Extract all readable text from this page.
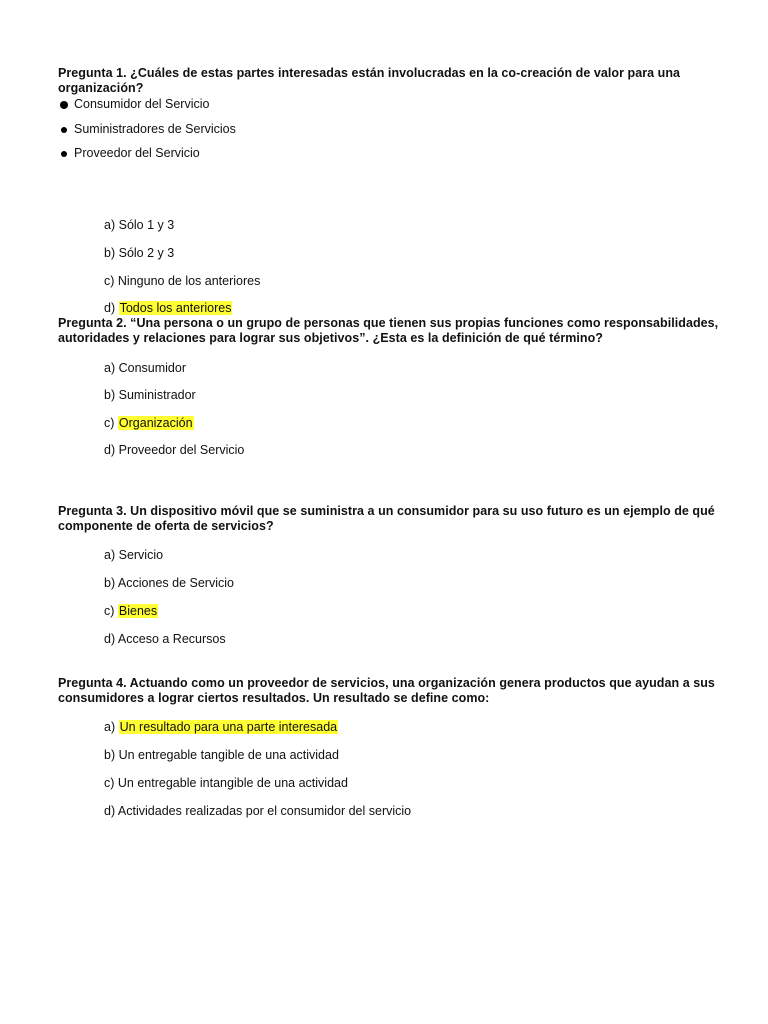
Pregunta 1. ¿Cuáles de estas partes interesadas están involucradas en la co-creación de valor para una organización?

Consumidor del Servicio
Suministradores de Servicios
Proveedor del Servicio
a) Sólo 1 y 3
b) Sólo 2 y 3
c) Ninguno de los anteriores
d) Todos los anteriores

Pregunta 2. “Una persona o un grupo de personas que tienen sus propias funciones como responsabilidades, autoridades y relaciones para lograr sus objetivos”. ¿Esta es la definición de qué término?

a) Consumidor
b) Suministrador
c) Organización
d) Proveedor del Servicio

Pregunta 3. Un dispositivo móvil que se suministra a un consumidor para su uso futuro es un ejemplo de qué componente de oferta de servicios?

a) Servicio
b) Acciones de Servicio
c) Bienes
d) Acceso a Recursos

Pregunta 4. Actuando como un proveedor de servicios, una organización genera productos que ayudan a sus consumidores a lograr ciertos resultados. Un resultado se define como:

a) Un resultado para una parte interesada
b) Un entregable tangible de una actividad
c) Un entregable intangible de una actividad
d) Actividades realizadas por el consumidor del servicio
